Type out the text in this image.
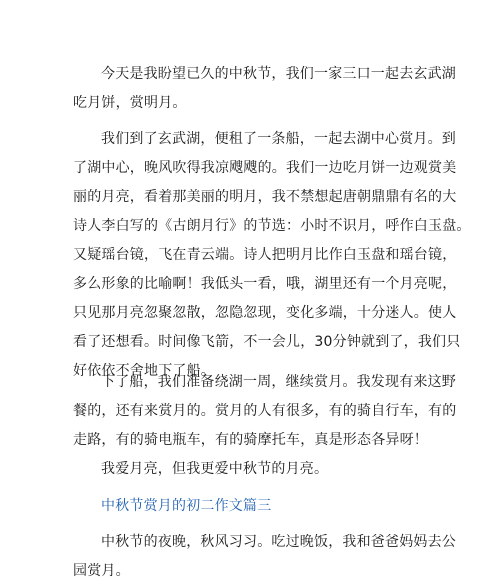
今天是我盼望已久的中秋节，我们一家三口一起去玄武湖
吃月饼，赏明月。
我们到了玄武湖，便租了一条船，一起去湖中心赏月。到
了湖中心，晚风吹得我凉飕飕的。我们一边吃月饼一边观赏美
丽的月亮，看着那美丽的明月，我不禁想起唐朝鼎鼎有名的大
诗人李白写的《古朗月行》的节选：小时不识月，呼作白玉盘。
又疑瑶台镜，飞在青云端。诗人把明月比作白玉盘和瑶台镜，
多么形象的比喻啊！我低头一看，哦，湖里还有一个月亮呢，
只见那月亮忽聚忽散，忽隐忽现，变化多端，十分迷人。使人
看了还想看。时间像飞箭，不一会儿，30分钟就到了，我们只
好依依不舍地下了船。
下了船，我们准备绕湖一周，继续赏月。我发现有来这野
餐的，还有来赏月的。赏月的人有很多，有的骑自行车，有的
走路，有的骑电瓶车，有的骑摩托车，真是形态各异呀！
我爱月亮，但我更爱中秋节的月亮。
中秋节赏月的初二作文篇三
中秋节的夜晚，秋风习习。吃过晚饭，我和爸爸妈妈去公
园赏月。
